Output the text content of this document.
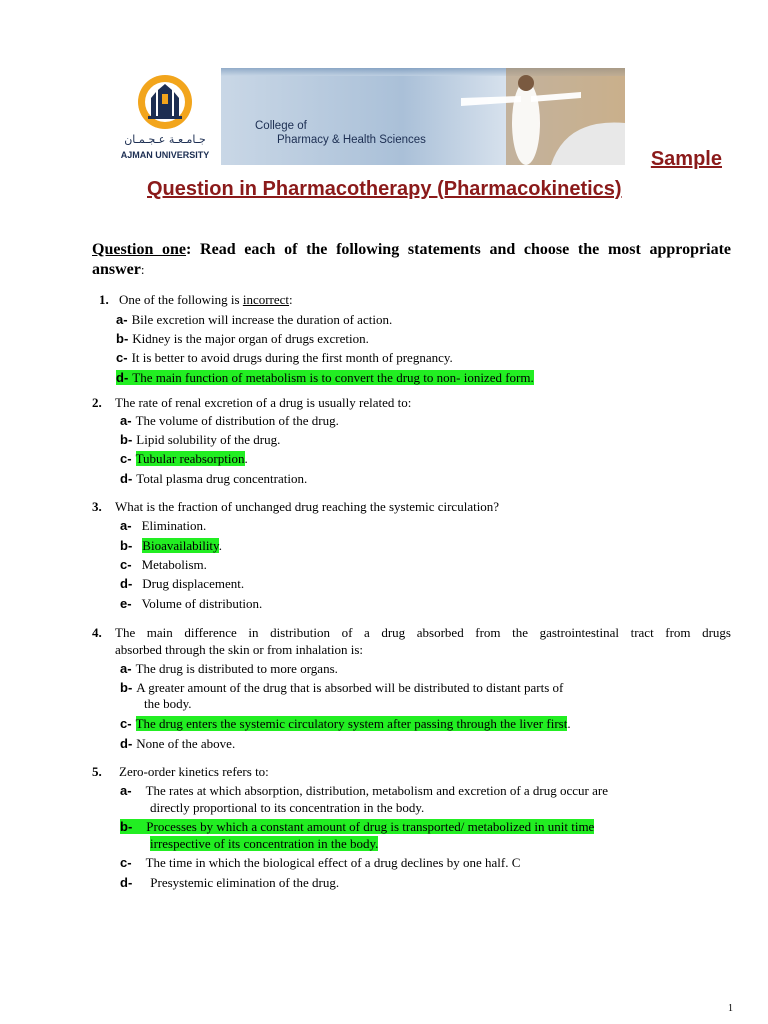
جـامـعـة عـجـمـان
AJMAN UNIVERSITY
College of
Pharmacy & Health Sciences
Sample
Question in Pharmacotherapy (Pharmacokinetics)
Question one: Read each of the following statements and choose the most appropriate answer:
1. One of the following is incorrect:
a- Bile excretion will increase the duration of action.
b- Kidney is the major organ of drugs excretion.
c- It is better to avoid drugs during the first month of pregnancy.
d- The main function of metabolism is to convert the drug to non- ionized form.
2. The rate of renal excretion of a drug is usually related to:
a- The volume of distribution of the drug.
b- Lipid solubility of the drug.
c- Tubular reabsorption.
d- Total plasma drug concentration.
3. What is the fraction of unchanged drug reaching the systemic circulation?
a- Elimination.
b- Bioavailability.
c- Metabolism.
d- Drug displacement.
e- Volume of distribution.
4. The main difference in distribution of a drug absorbed from the gastrointestinal tract from drugs
absorbed through the skin or from inhalation is:
a- The drug is distributed to more organs.
b- A greater amount of the drug that is absorbed will be distributed to distant parts of
the body.
c- The drug enters the systemic circulatory system after passing through the liver first.
d- None of the above.
5. Zero-order kinetics refers to:
a- The rates at which absorption, distribution, metabolism and excretion of a drug occur are
directly proportional to its concentration in the body.
b- Processes by which a constant amount of drug is transported/ metabolized in unit time
irrespective of its concentration in the body.
c- The time in which the biological effect of a drug declines by one half. C
d- Presystemic elimination of the drug.
1
